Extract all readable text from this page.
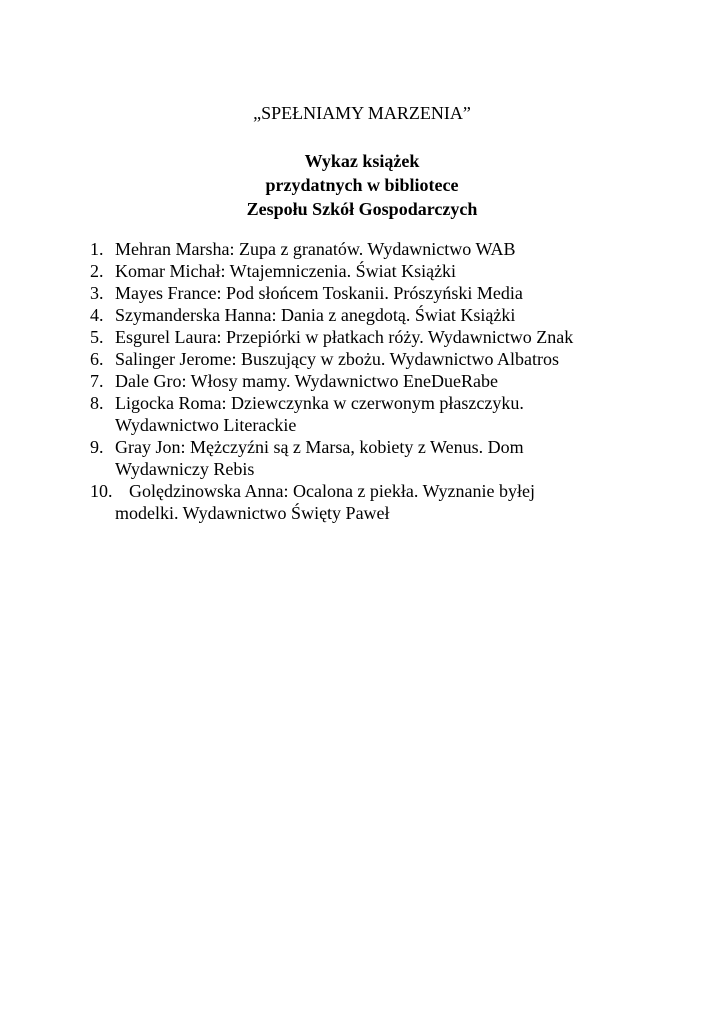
„SPEŁNIAMY MARZENIA”
Wykaz książek
przydatnych w bibliotece
Zespołu Szkół Gospodarczych
1. Mehran Marsha: Zupa z granatów. Wydawnictwo WAB
2. Komar Michał: Wtajemniczenia. Świat Książki
3. Mayes France: Pod słońcem Toskanii. Prószyński Media
4. Szymanderska Hanna: Dania z anegdotą. Świat Książki
5. Esgurel Laura: Przepiórki w płatkach róży. Wydawnictwo Znak
6. Salinger Jerome: Buszujący w zbożu. Wydawnictwo Albatros
7. Dale Gro: Włosy mamy. Wydawnictwo EneDueRabe
8. Ligocka Roma: Dziewczynka w czerwonym płaszczyku.
Wydawnictwo Literackie
9. Gray Jon: Mężczyźni są z Marsa, kobiety z Wenus. Dom
Wydawniczy Rebis
10. Golędzinowska Anna: Ocalona z piekła. Wyznanie byłej
modelki. Wydawnictwo Święty Paweł
